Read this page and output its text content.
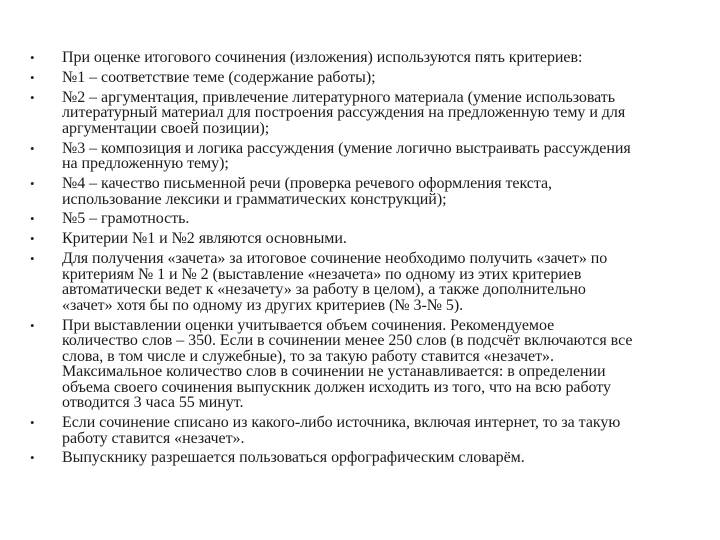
• При оценке итогового сочинения (изложения) используются пять критериев:
• №1 – соответствие теме (содержание работы);
• №2 – аргументация, привлечение литературного материала (умение использовать
литературный материал для построения рассуждения на предложенную тему и для
аргументации своей позиции);
• №3 – композиция и логика рассуждения (умение логично выстраивать рассуждения
на предложенную тему);
• №4 – качество письменной речи (проверка речевого оформления текста,
использование лексики и грамматических конструкций);
• №5 – грамотность.
• Критерии №1 и №2 являются основными.
• Для получения «зачета» за итоговое сочинение необходимо получить «зачет» по
критериям № 1 и № 2 (выставление «незачета» по одному из этих критериев
автоматически ведет к «незачету» за работу в целом), а также дополнительно
«зачет» хотя бы по одному из других критериев (№ 3-№ 5).
• При выставлении оценки учитывается объем сочинения. Рекомендуемое
количество слов – 350. Если в сочинении менее 250 слов (в подсчёт включаются все
слова, в том числе и служебные), то за такую работу ставится «незачет».
Максимальное количество слов в сочинении не устанавливается: в определении
объема своего сочинения выпускник должен исходить из того, что на всю работу
отводится 3 часа 55 минут.
• Если сочинение списано из какого-либо источника, включая интернет, то за такую
работу ставится «незачет».
• Выпускнику разрешается пользоваться орфографическим словарём.
